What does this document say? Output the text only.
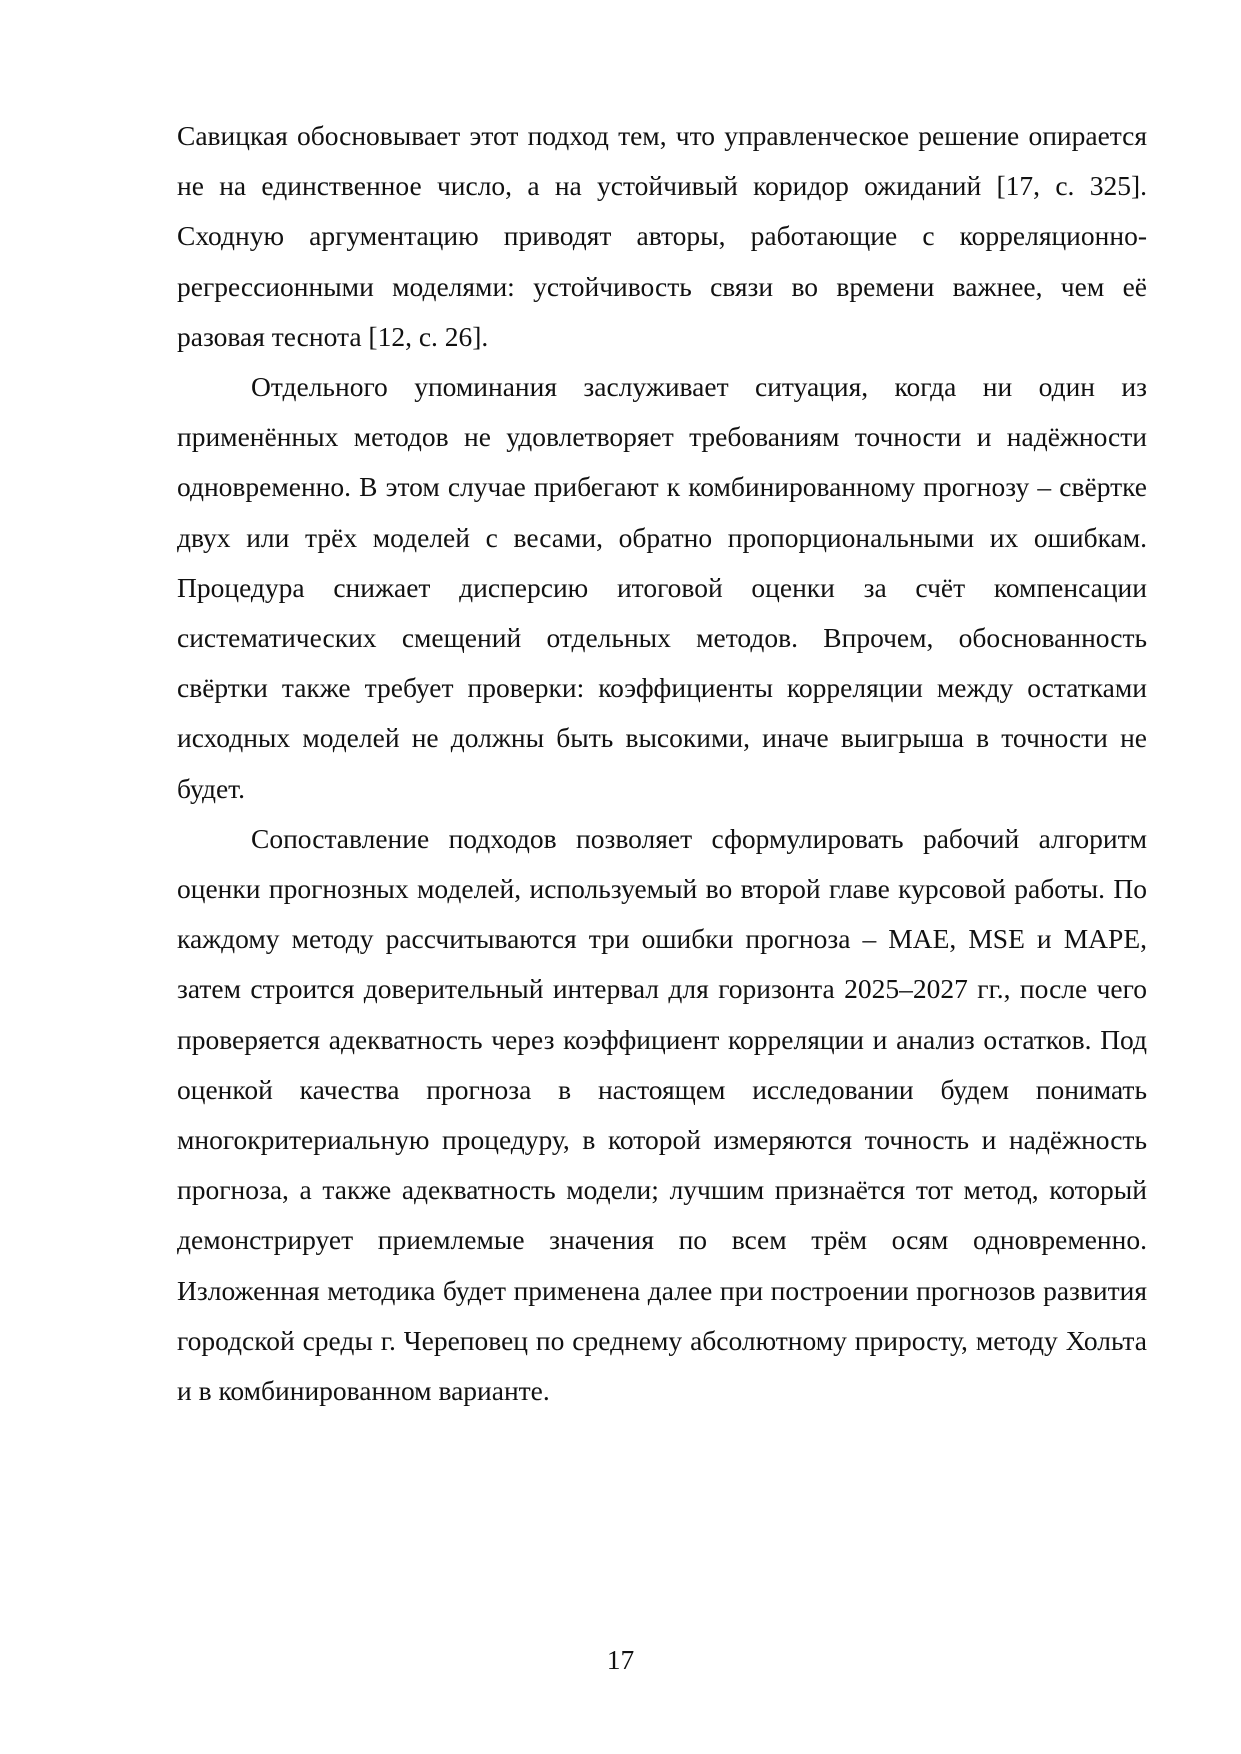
Савицкая обосновывает этот подход тем, что управленческое решение опирается не на единственное число, а на устойчивый коридор ожиданий [17, с. 325]. Сходную аргументацию приводят авторы, работающие с корреляционно-регрессионными моделями: устойчивость связи во времени важнее, чем её разовая теснота [12, с. 26].

Отдельного упоминания заслуживает ситуация, когда ни один из применённых методов не удовлетворяет требованиям точности и надёжности одновременно. В этом случае прибегают к комбинированному прогнозу – свёртке двух или трёх моделей с весами, обратно пропорциональными их ошибкам. Процедура снижает дисперсию итоговой оценки за счёт компенсации систематических смещений отдельных методов. Впрочем, обоснованность свёртки также требует проверки: коэффициенты корреляции между остатками исходных моделей не должны быть высокими, иначе выигрыша в точности не будет.

Сопоставление подходов позволяет сформулировать рабочий алгоритм оценки прогнозных моделей, используемый во второй главе курсовой работы. По каждому методу рассчитываются три ошибки прогноза – MAE, MSE и MAPE, затем строится доверительный интервал для горизонта 2025–2027 гг., после чего проверяется адекватность через коэффициент корреляции и анализ остатков. Под оценкой качества прогноза в настоящем исследовании будем понимать многокритериальную процедуру, в которой измеряются точность и надёжность прогноза, а также адекватность модели; лучшим признаётся тот метод, который демонстрирует приемлемые значения по всем трём осям одновременно. Изложенная методика будет применена далее при построении прогнозов развития городской среды г. Череповец по среднему абсолютному приросту, методу Хольта и в комбинированном варианте.

17
